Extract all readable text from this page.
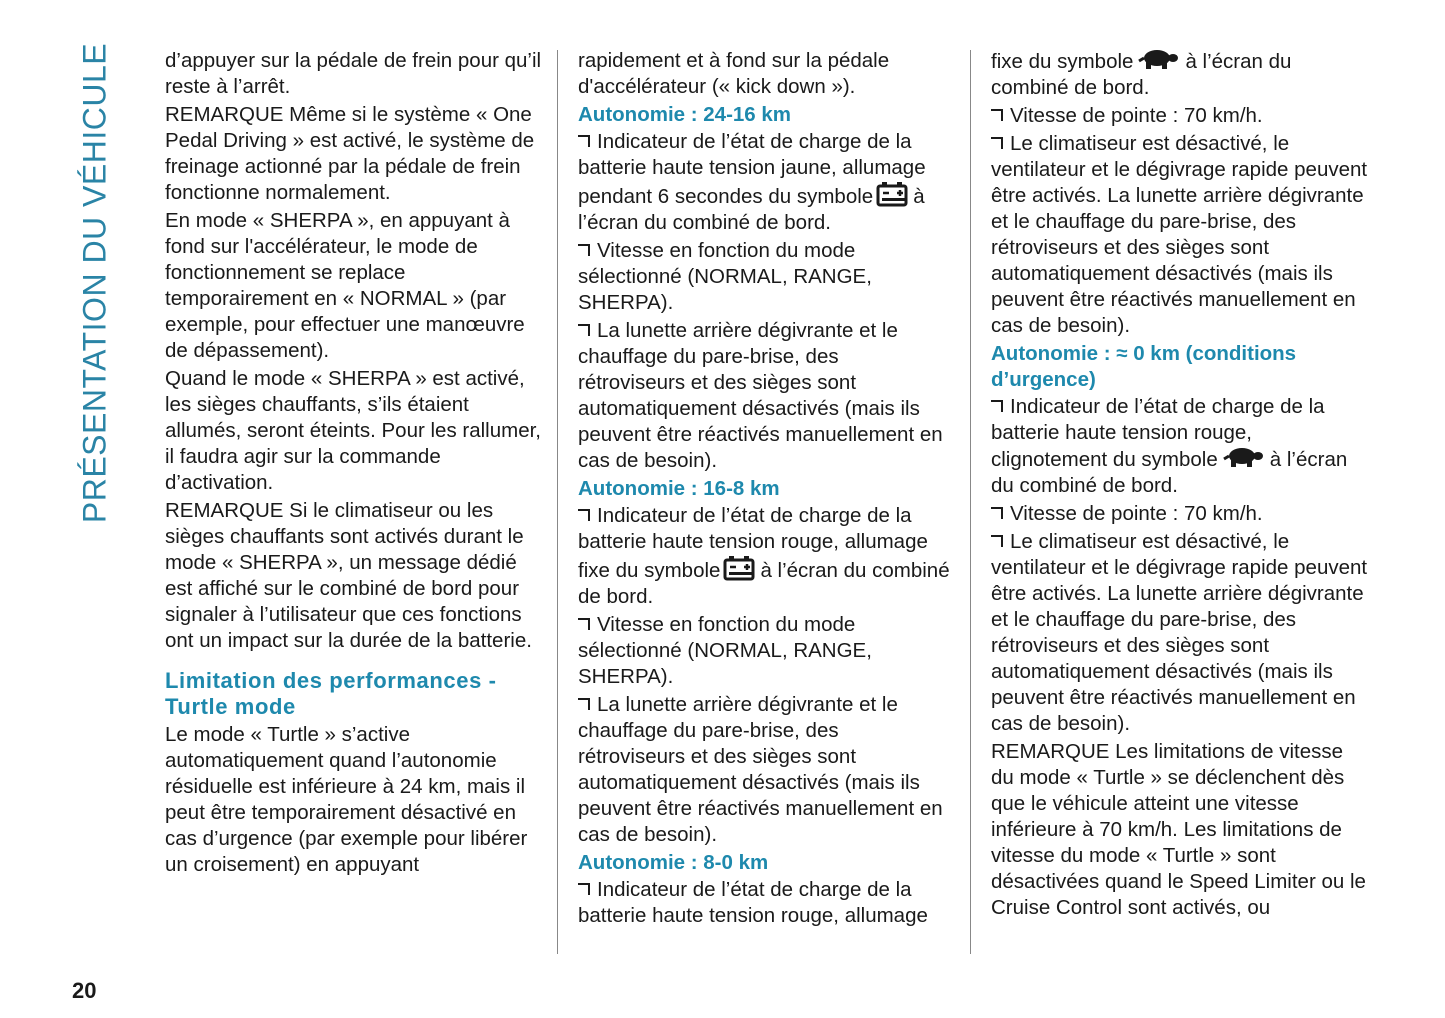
PRÉSENTATION DU VÉHICULE	d’appuyer sur la pédale de frein pour qu’il reste à l’arrêt.

REMARQUE Même si le système « One Pedal Driving » est activé, le système de freinage actionné par la pédale de frein fonctionne normalement.

En mode « SHERPA », en appuyant à fond sur l'accélérateur, le mode de fonctionnement se replace temporairement en « NORMAL » (par exemple, pour effectuer une manœuvre de dépassement).

Quand le mode « SHERPA » est activé, les sièges chauffants, s’ils étaient allumés, seront éteints. Pour les rallumer, il faudra agir sur la commande d’activation.

REMARQUE Si le climatiseur ou les sièges chauffants sont activés durant le mode « SHERPA », un message dédié est affiché sur le combiné de bord pour signaler à l’utilisateur que ces fonctions ont un impact sur la durée de la batterie.

Limitation des performances - Turtle mode

Le mode « Turtle » s’active automatiquement quand l’autonomie résiduelle est inférieure à 24 km, mais il peut être temporairement désactivé en cas d’urgence (par exemple pour libérer un croisement) en appuyant

rapidement et à fond sur la pédale d'accélérateur (« kick down »).

Autonomie : 24-16 km

Indicateur de l’état de charge de la batterie haute tension jaune, allumage pendant 6 secondes du symbole à l’écran du combiné de bord.

Vitesse en fonction du mode sélectionné (NORMAL, RANGE, SHERPA).

La lunette arrière dégivrante et le chauffage du pare-brise, des rétroviseurs et des sièges sont automatiquement désactivés (mais ils peuvent être réactivés manuellement en cas de besoin).

Autonomie : 16-8 km

Indicateur de l’état de charge de la batterie haute tension rouge, allumage fixe du symbole à l’écran du combiné de bord.

Vitesse en fonction du mode sélectionné (NORMAL, RANGE, SHERPA).

La lunette arrière dégivrante et le chauffage du pare-brise, des rétroviseurs et des sièges sont automatiquement désactivés (mais ils peuvent être réactivés manuellement en cas de besoin).

Autonomie : 8-0 km

Indicateur de l’état de charge de la batterie haute tension rouge, allumage

fixe du symbole	à l’écran du combiné de bord.

Vitesse de pointe : 70 km/h.

Le climatiseur est désactivé, le ventilateur et le dégivrage rapide peuvent être activés. La lunette arrière dégivrante et le chauffage du pare-brise, des rétroviseurs et des sièges sont automatiquement désactivés (mais ils peuvent être réactivés manuellement en cas de besoin).

Autonomie : ≈ 0 km (conditions d’urgence)

Indicateur de l’état de charge de la batterie haute tension rouge, clignotement du symbole	à l’écran du combiné de bord.

Vitesse de pointe : 70 km/h.

Le climatiseur est désactivé, le ventilateur et le dégivrage rapide peuvent être activés. La lunette arrière dégivrante et le chauffage du pare-brise, des rétroviseurs et des sièges sont automatiquement désactivés (mais ils peuvent être réactivés manuellement en cas de besoin).

REMARQUE Les limitations de vitesse du mode « Turtle » se déclenchent dès que le véhicule atteint une vitesse inférieure à 70 km/h. Les limitations de vitesse du mode « Turtle » sont désactivées quand le Speed Limiter ou le Cruise Control sont activés, ou

20
